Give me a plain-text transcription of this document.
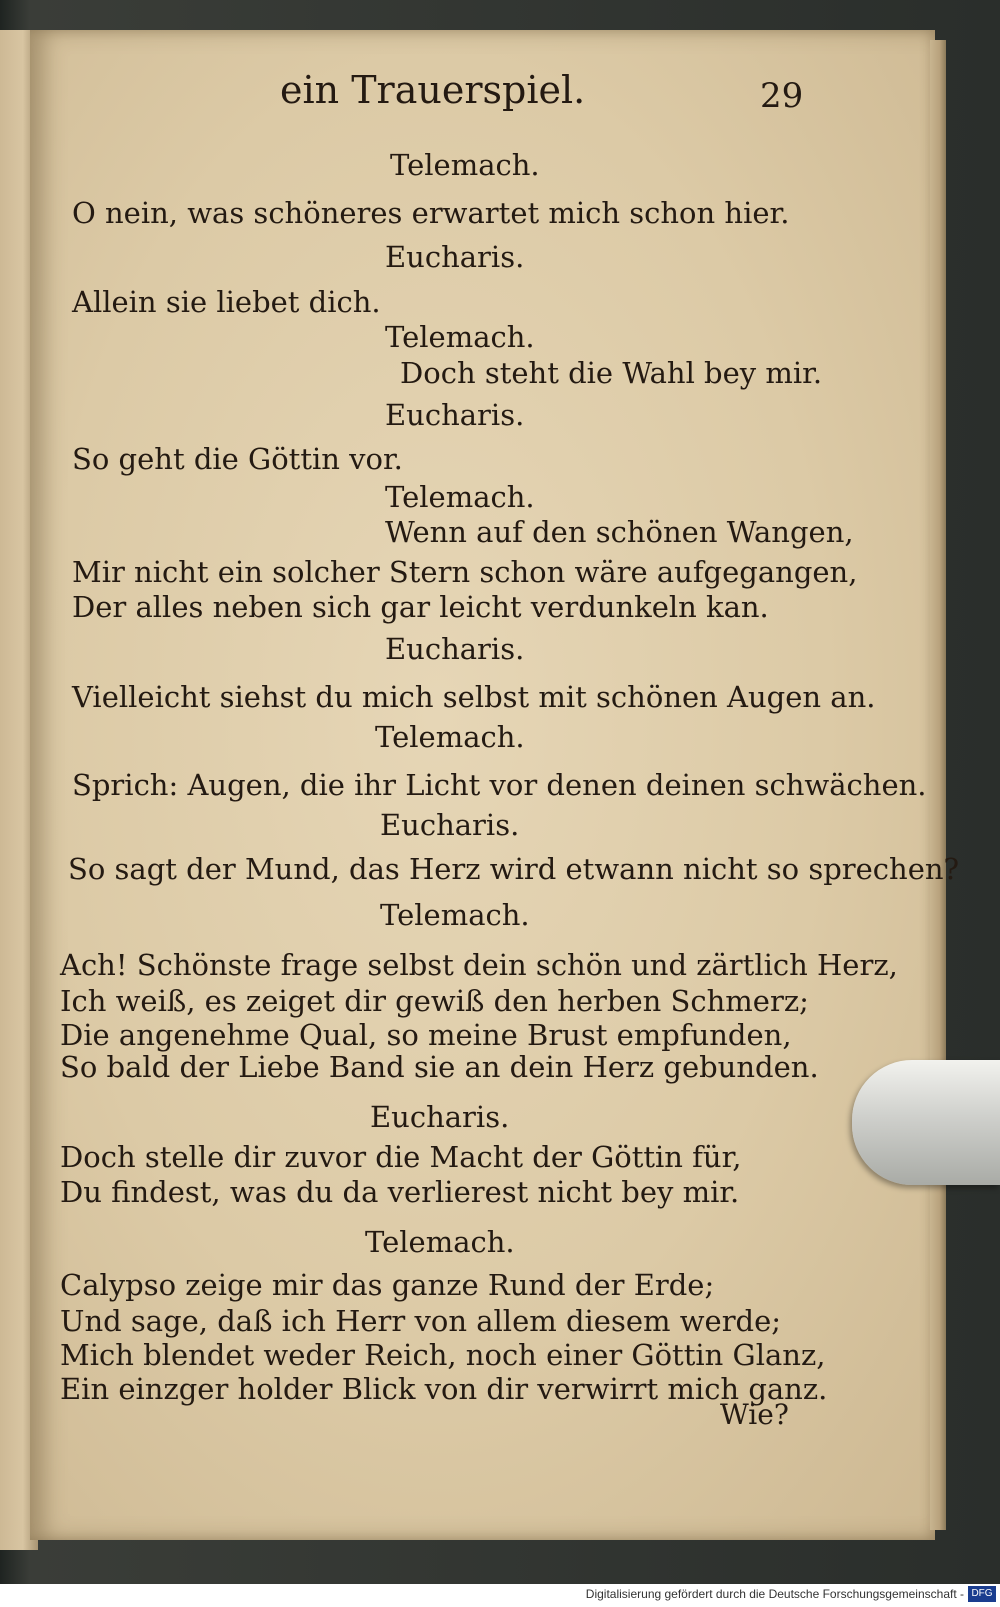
ein Trauerspiel.	29
Telemach.
O nein, was schöneres erwartet mich schon hier.
Eucharis.
Allein sie liebet dich.
Telemach.
Doch steht die Wahl bey mir.
Eucharis.
So geht die Göttin vor.
Telemach.
Wenn auf den schönen Wangen,
Mir nicht ein solcher Stern schon wäre aufgegangen,
Der alles neben sich gar leicht verdunkeln kan.
Eucharis.
Vielleicht siehst du mich selbst mit schönen Augen an.
Telemach.
Sprich: Augen, die ihr Licht vor denen deinen schwächen.
Eucharis.
So sagt der Mund, das Herz wird etwann nicht so sprechen?
Telemach.
Ach! Schönste frage selbst dein schön und zärtlich Herz,
Ich weiß, es zeiget dir gewiß den herben Schmerz;
Die angenehme Qual, so meine Brust empfunden,
So bald der Liebe Band sie an dein Herz gebunden.
Eucharis.
Doch stelle dir zuvor die Macht der Göttin für,
Du findest, was du da verlierest nicht bey mir.
Telemach.
Calypso zeige mir das ganze Rund der Erde;
Und sage, daß ich Herr von allem diesem werde;
Mich blendet weder Reich, noch einer Göttin Glanz,
Ein einzger holder Blick von dir verwirrt mich ganz.
Wie?
Digitalisierung gefördert durch die Deutsche Forschungsgemeinschaft - DFG
